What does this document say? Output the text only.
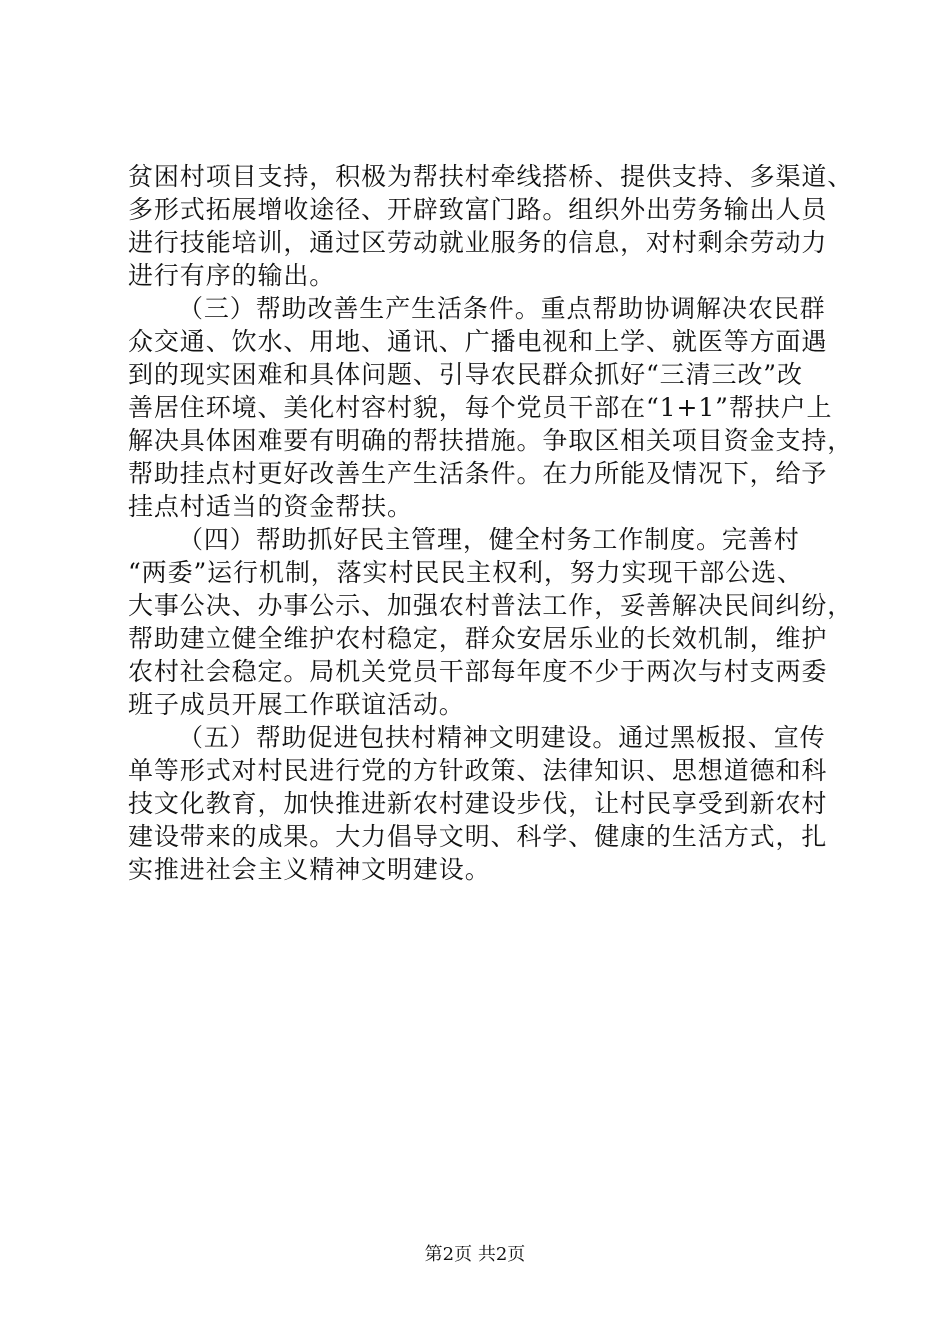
贫困村项目支持，积极为帮扶村牵线搭桥、提供支持、多渠道、
多形式拓展增收途径、开辟致富门路。组织外出劳务输出人员
进行技能培训，通过区劳动就业服务的信息，对村剩余劳动力
进行有序的输出。
（三）帮助改善生产生活条件。重点帮助协调解决农民群
众交通、饮水、用地、通讯、广播电视和上学、就医等方面遇
到的现实困难和具体问题、引导农民群众抓好“三清三改”改
善居住环境、美化村容村貌，每个党员干部在“1+1”帮扶户上
解决具体困难要有明确的帮扶措施。争取区相关项目资金支持，
帮助挂点村更好改善生产生活条件。在力所能及情况下，给予
挂点村适当的资金帮扶。
（四）帮助抓好民主管理，健全村务工作制度。完善村
“两委”运行机制，落实村民民主权利，努力实现干部公选、
大事公决、办事公示、加强农村普法工作，妥善解决民间纠纷，
帮助建立健全维护农村稳定，群众安居乐业的长效机制，维护
农村社会稳定。局机关党员干部每年度不少于两次与村支两委
班子成员开展工作联谊活动。
（五）帮助促进包扶村精神文明建设。通过黑板报、宣传
单等形式对村民进行党的方针政策、法律知识、思想道德和科
技文化教育，加快推进新农村建设步伐，让村民享受到新农村
建设带来的成果。大力倡导文明、科学、健康的生活方式，扎
实推进社会主义精神文明建设。
第2页 共2页
